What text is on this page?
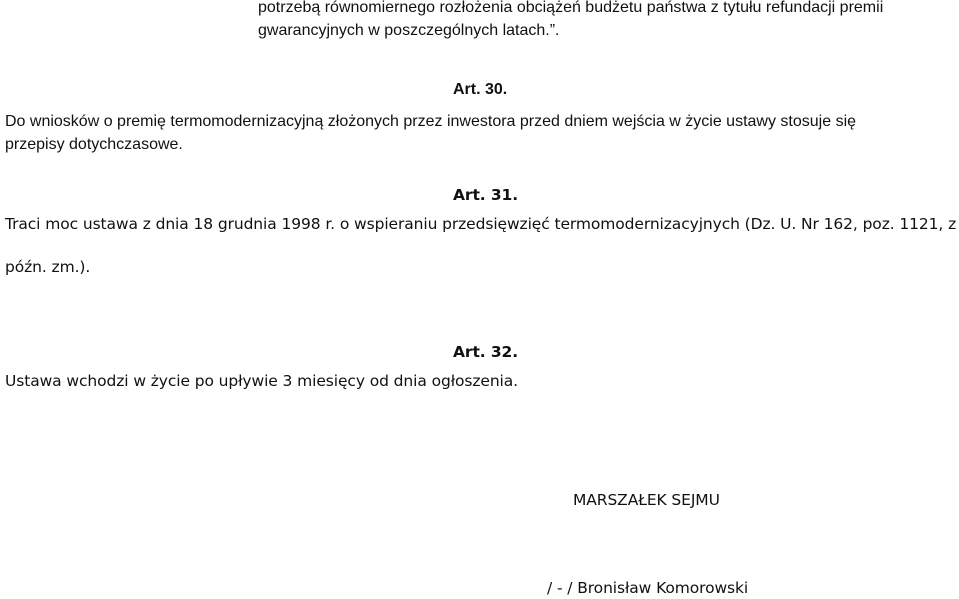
potrzebą równomiernego rozłożenia obciążeń budżetu państwa z tytułu refundacji premii

gwarancyjnych w poszczególnych latach.”.

Art. 30.

Do wniosków o premię termomodernizacyjną złożonych przez inwestora przed dniem wejścia w życie ustawy stosuje się

przepisy dotychczasowe.

Art. 31.

Traci moc ustawa z dnia 18 grudnia 1998 r. o wspieraniu przedsięwzięć termomodernizacyjnych (Dz. U. Nr 162, poz. 1121, z

późn. zm.).

Art. 32.

Ustawa wchodzi w życie po upływie 3 miesięcy od dnia ogłoszenia.

MARSZAŁEK SEJMU

/ - / Bronisław Komorowski
